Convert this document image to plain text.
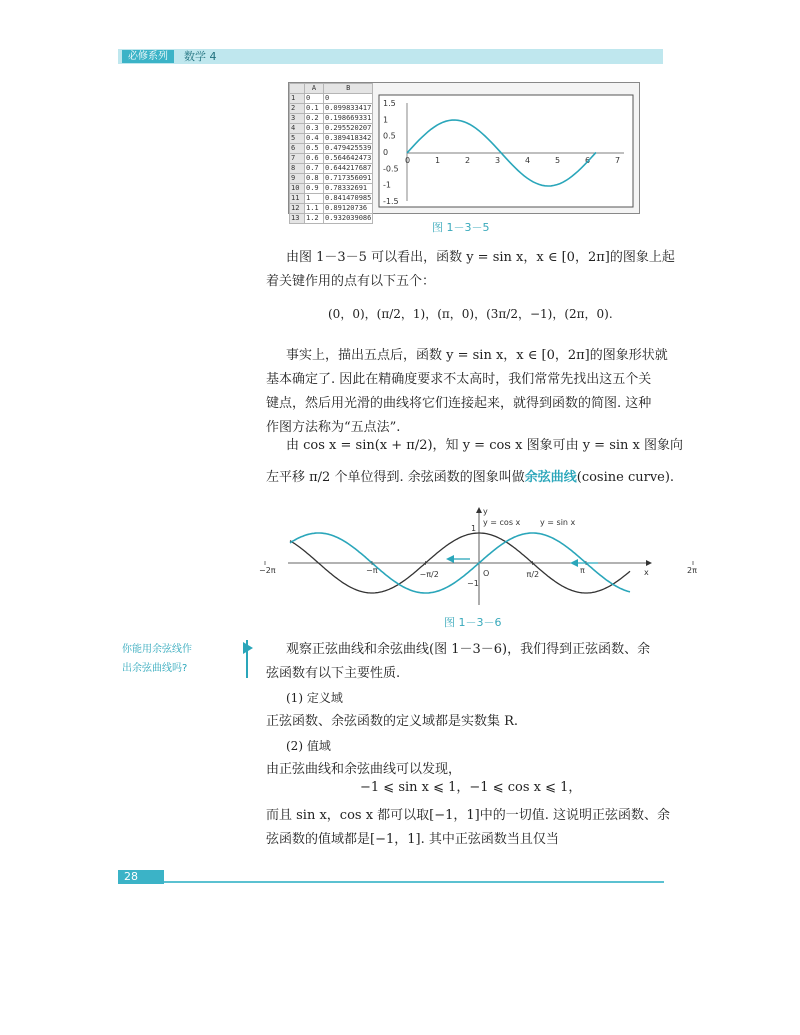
必修系列	数学 4
	A	B
1	0	0
2	0.1	0.099833417
3	0.2	0.198669331
4	0.3	0.295520207
5	0.4	0.389418342
6	0.5	0.479425539
7	0.6	0.564642473
8	0.7	0.644217687
9	0.8	0.717356091
10	0.9	0.78332691
11	1	0.841470985
12	1.1	0.89120736
13	1.2	0.932039086
1.5
1
0.5
0
-0.5
-1
-1.5
0	1	2	3	4	5	6	7
图 1－3－5
由图 1－3－5 可以看出，函数 y = sin x，x ∈ [0，2π]的图象上起
着关键作用的点有以下五个：
(0，0)，(π/2，1)，(π，0)，(3π/2，−1)，(2π，0).
事实上，描出五点后，函数 y = sin x，x ∈ [0，2π]的图象形状就
基本确定了. 因此在精确度要求不太高时，我们常常先找出这五个关
键点，然后用光滑的曲线将它们连接起来，就得到函数的简图. 这种
作图方法称为“五点法”.
由 cos x = sin(x + π/2)，知 y = cos x 图象可由 y = sin x 图象向
左平移 π/2 个单位得到. 余弦函数的图象叫做余弦曲线(cosine curve).
−2π	−π	−π/2	π/2	π	2π
y
x
O
1
−1
y = cos x y = sin x
图 1－3－6
你能用余弦线作
出余弦曲线吗?
观察正弦曲线和余弦曲线(图 1－3－6)，我们得到正弦函数、余
弦函数有以下主要性质.
(1) 定义域
正弦函数、余弦函数的定义域都是实数集 R.
(2) 值域
由正弦曲线和余弦曲线可以发现，
−1 ⩽ sin x ⩽ 1，−1 ⩽ cos x ⩽ 1，
而且 sin x，cos x 都可以取[−1，1]中的一切值. 这说明正弦函数、余
弦函数的值域都是[−1，1]. 其中正弦函数当且仅当
28
